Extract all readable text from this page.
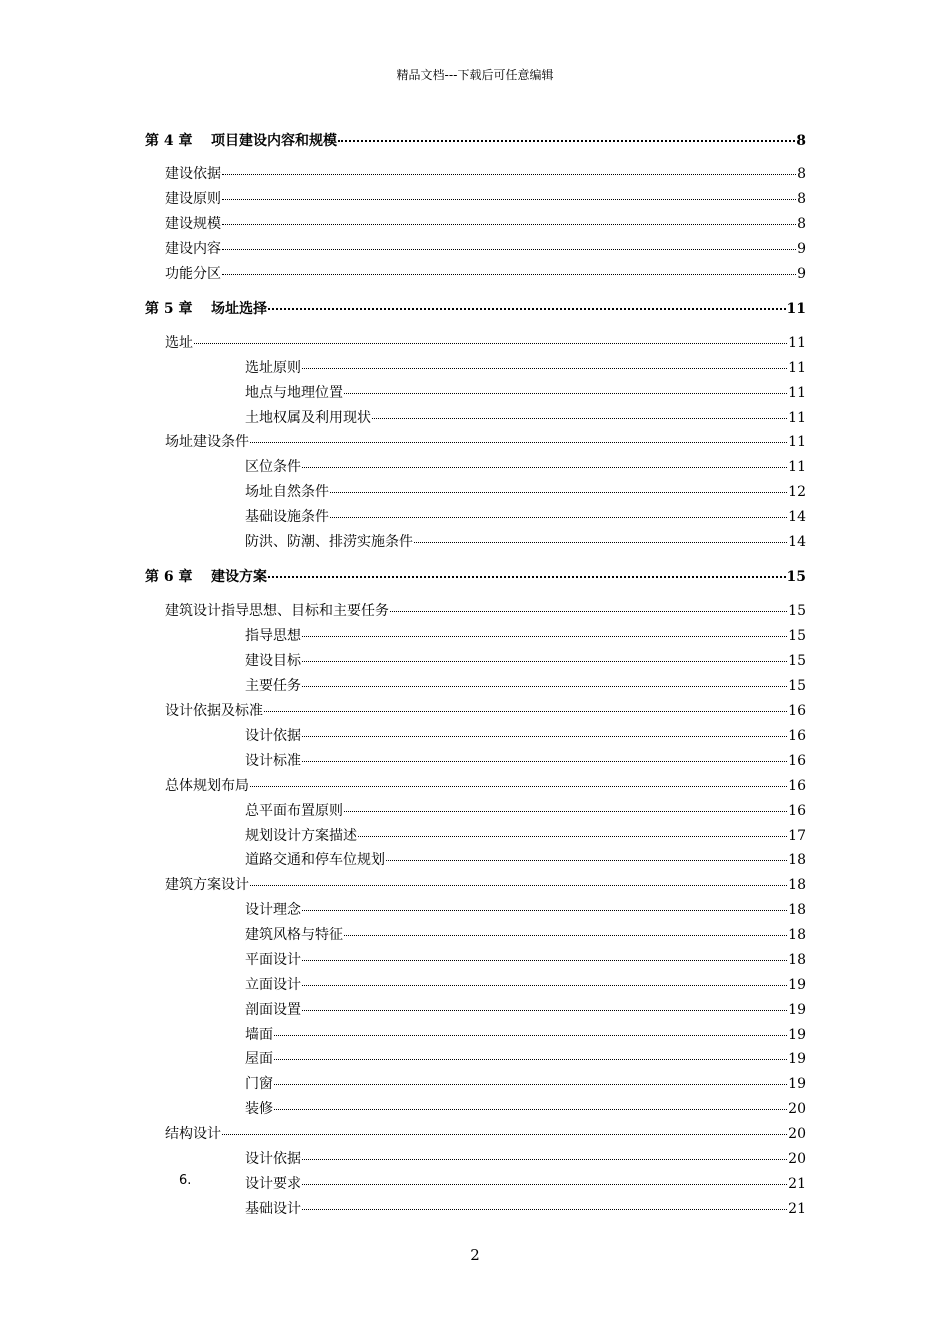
精品文档---下载后可任意编辑
第 4 章 项目建设内容和规模	8
建设依据	8
建设原则	8
建设规模	8
建设内容	9
功能分区	9
第 5 章 场址选择	11
选址	11
选址原则	11
地点与地理位置	11
土地权属及利用现状	11
场址建设条件	11
区位条件	11
场址自然条件	12
基础设施条件	14
防洪、防潮、排涝实施条件	14
第 6 章 建设方案	15
建筑设计指导思想、目标和主要任务	15
指导思想	15
建设目标	15
主要任务	15
设计依据及标准	16
设计依据	16
设计标准	16
总体规划布局	16
总平面布置原则	16
规划设计方案描述	17
道路交通和停车位规划	18
建筑方案设计	18
设计理念	18
建筑风格与特征	18
平面设计	18
立面设计	19
剖面设置	19
墙面	19
屋面	19
门窗	19
装修	20
结构设计	20
设计依据	20
6.	设计要求	21
基础设计	21
2
